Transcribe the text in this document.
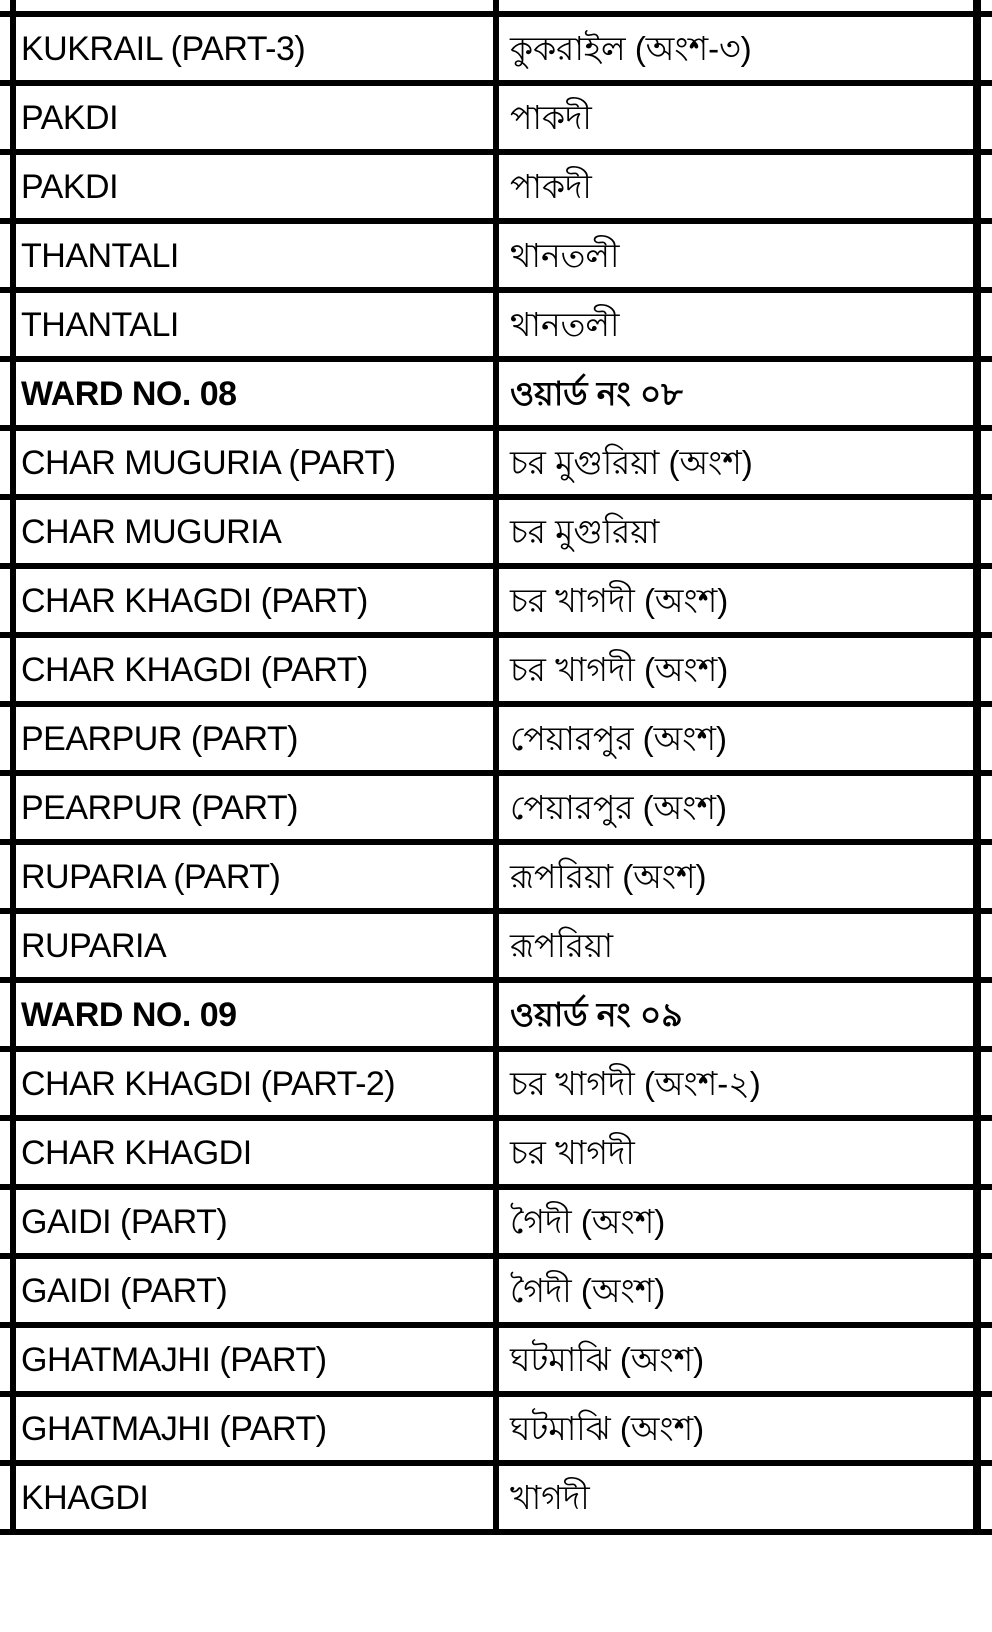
KUKRAIL (PART-3)	কুকরাইল (অংশ-৩)
PAKDI	পাকদী
PAKDI	পাকদী
THANTALI	থানতলী
THANTALI	থানতলী
WARD NO. 08	ওয়ার্ড নং ০৮
CHAR MUGURIA (PART)	চর মুগুরিয়া (অংশ)
CHAR MUGURIA	চর মুগুরিয়া
CHAR KHAGDI (PART)	চর খাগদী (অংশ)
CHAR KHAGDI (PART)	চর খাগদী (অংশ)
PEARPUR (PART)	পেয়ারপুর (অংশ)
PEARPUR (PART)	পেয়ারপুর (অংশ)
RUPARIA (PART)	রূপরিয়া (অংশ)
RUPARIA	রূপরিয়া
WARD NO. 09	ওয়ার্ড নং ০৯
CHAR KHAGDI (PART-2)	চর খাগদী (অংশ-২)
CHAR KHAGDI	চর খাগদী
GAIDI (PART)	গৈদী (অংশ)
GAIDI (PART)	গৈদী (অংশ)
GHATMAJHI (PART)	ঘটমাঝি (অংশ)
GHATMAJHI (PART)	ঘটমাঝি (অংশ)
KHAGDI	খাগদী
